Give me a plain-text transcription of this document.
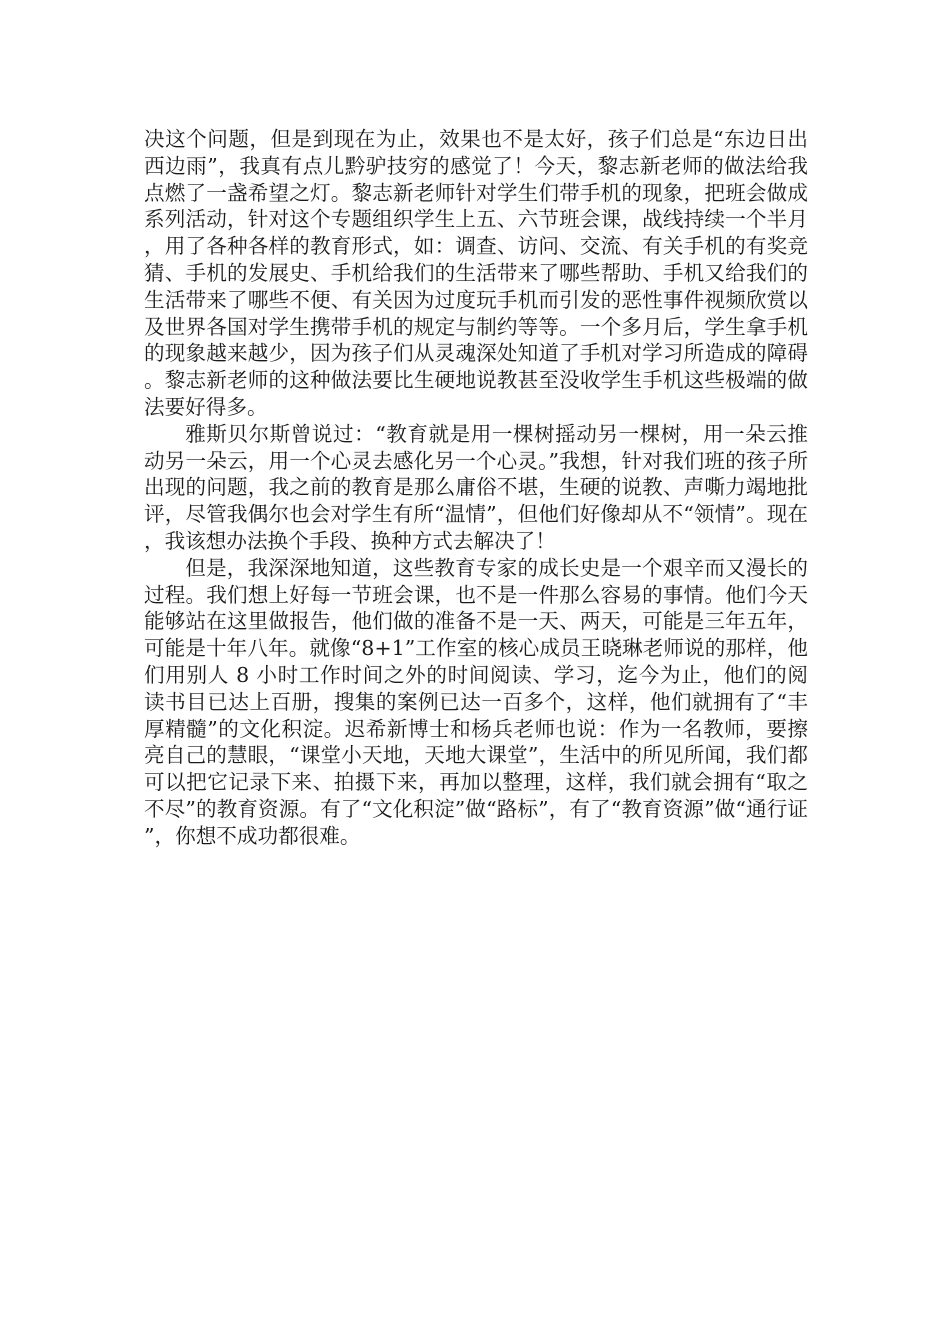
决这个问题，但是到现在为止，效果也不是太好，孩子们总是“东边日出西边雨”，我真有点儿黔驴技穷的感觉了！今天，黎志新老师的做法给我点燃了一盏希望之灯。黎志新老师针对学生们带手机的现象，把班会做成系列活动，针对这个专题组织学生上五、六节班会课，战线持续一个半月，用了各种各样的教育形式，如：调查、访问、交流、有关手机的有奖竞猜、手机的发展史、手机给我们的生活带来了哪些帮助、手机又给我们的生活带来了哪些不便、有关因为过度玩手机而引发的恶性事件视频欣赏以及世界各国对学生携带手机的规定与制约等等。一个多月后，学生拿手机的现象越来越少，因为孩子们从灵魂深处知道了手机对学习所造成的障碍。黎志新老师的这种做法要比生硬地说教甚至没收学生手机这些极端的做法要好得多。

雅斯贝尔斯曾说过：“教育就是用一棵树摇动另一棵树，用一朵云推动另一朵云，用一个心灵去感化另一个心灵。”我想，针对我们班的孩子所出现的问题，我之前的教育是那么庸俗不堪，生硬的说教、声嘶力竭地批评，尽管我偶尔也会对学生有所“温情”，但他们好像却从不“领情”。现在，我该想办法换个手段、换种方式去解决了！

但是，我深深地知道，这些教育专家的成长史是一个艰辛而又漫长的过程。我们想上好每一节班会课，也不是一件那么容易的事情。他们今天能够站在这里做报告，他们做的准备不是一天、两天，可能是三年五年，可能是十年八年。就像“8+1”工作室的核心成员王晓琳老师说的那样，他们用别人 8 小时工作时间之外的时间阅读、学习，迄今为止，他们的阅读书目已达上百册，搜集的案例已达一百多个，这样，他们就拥有了“丰厚精髓”的文化积淀。迟希新博士和杨兵老师也说：作为一名教师，要擦亮自己的慧眼，“课堂小天地，天地大课堂”，生活中的所见所闻，我们都可以把它记录下来、拍摄下来，再加以整理，这样，我们就会拥有“取之不尽”的教育资源。有了“文化积淀”做“路标”，有了“教育资源”做“通行证”，你想不成功都很难。
